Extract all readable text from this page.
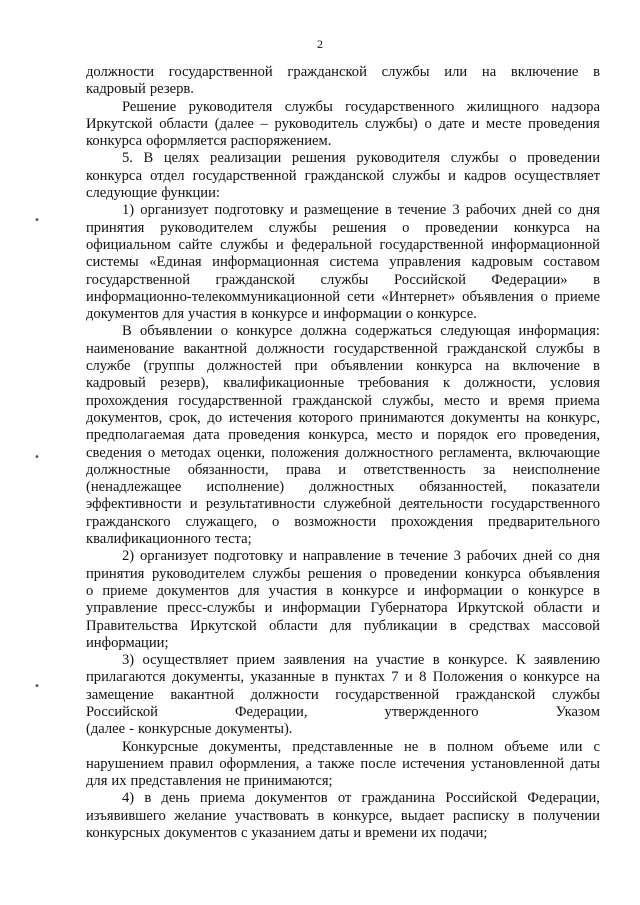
2
должности государственной гражданской службы или на включение в
кадровый резерв.
Решение руководителя службы государственного жилищного надзора
Иркутской области (далее – руководитель службы) о дате и месте проведения
конкурса оформляется распоряжением.
5. В целях реализации решения руководителя службы о проведении
конкурса отдел государственной гражданской службы и кадров осуществляет
следующие функции:
1) организует подготовку и размещение в течение 3 рабочих дней со дня
принятия руководителем службы решения о проведении конкурса на
официальном сайте службы и федеральной государственной информационной
системы «Единая информационная система управления кадровым составом
государственной гражданской службы Российской Федерации» в
информационно-телекоммуникационной сети «Интернет» объявления о приеме
документов для участия в конкурсе и информации о конкурсе.
В объявлении о конкурсе должна содержаться следующая информация:
наименование вакантной должности государственной гражданской службы в
службе (группы должностей при объявлении конкурса на включение в
кадровый резерв), квалификационные требования к должности, условия
прохождения государственной гражданской службы, место и время приема
документов, срок, до истечения которого принимаются документы на конкурс,
предполагаемая дата проведения конкурса, место и порядок его проведения,
сведения о методах оценки, положения должностного регламента, включающие
должностные обязанности, права и ответственность за неисполнение
(ненадлежащее исполнение) должностных обязанностей, показатели
эффективности и результативности служебной деятельности государственного
гражданского служащего, о возможности прохождения предварительного
квалификационного теста;
2) организует подготовку и направление в течение 3 рабочих дней со дня
принятия руководителем службы решения о проведении конкурса объявления
о приеме документов для участия в конкурсе и информации о конкурсе в
управление пресс-службы и информации Губернатора Иркутской области и
Правительства Иркутской области для публикации в средствах массовой
информации;
3) осуществляет прием заявления на участие в конкурсе. К заявлению
прилагаются документы, указанные в пунктах 7 и 8 Положения о конкурсе на
замещение вакантной должности государственной гражданской службы
Российской	Федерации,	утвержденного	Указом
(далее - конкурсные документы).
Конкурсные документы, представленные не в полном объеме или с
нарушением правил оформления, а также после истечения установленной даты
для их представления не принимаются;
4) в день приема документов от гражданина Российской Федерации,
изъявившего желание участвовать в конкурсе, выдает расписку в получении
конкурсных документов с указанием даты и времени их подачи;
•
•
•
